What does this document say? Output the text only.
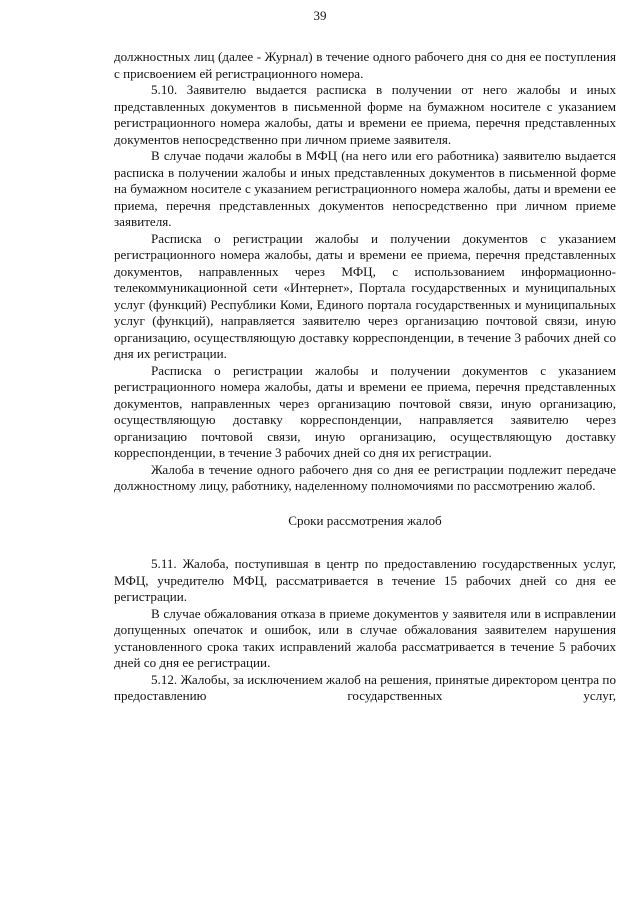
39

должностных лиц (далее - Журнал) в течение одного рабочего дня со дня ее поступления с присвоением ей регистрационного номера.

5.10. Заявителю выдается расписка в получении от него жалобы и иных представленных документов в письменной форме на бумажном носителе с указанием регистрационного номера жалобы, даты и времени ее приема, перечня представленных документов непосредственно при личном приеме заявителя.

В случае подачи жалобы в МФЦ (на него или его работника) заявителю выдается расписка в получении жалобы и иных представленных документов в письменной форме на бумажном носителе с указанием регистрационного номера жалобы, даты и времени ее приема, перечня представленных документов непосредственно при личном приеме заявителя.

Расписка о регистрации жалобы и получении документов с указанием регистрационного номера жалобы, даты и времени ее приема, перечня представленных документов, направленных через МФЦ, с использованием информационно-телекоммуникационной сети «Интернет», Портала государственных и муниципальных услуг (функций) Республики Коми, Единого портала государственных и муниципальных услуг (функций), направляется заявителю через организацию почтовой связи, иную организацию, осуществляющую доставку корреспонденции, в течение 3 рабочих дней со дня их регистрации.

Расписка о регистрации жалобы и получении документов с указанием регистрационного номера жалобы, даты и времени ее приема, перечня представленных документов, направленных через организацию почтовой связи, иную организацию, осуществляющую доставку корреспонденции, направляется заявителю через организацию почтовой связи, иную организацию, осуществляющую доставку корреспонденции, в течение 3 рабочих дней со дня их регистрации.

Жалоба в течение одного рабочего дня со дня ее регистрации подлежит передаче должностному лицу, работнику, наделенному полномочиями по рассмотрению жалоб.

Сроки рассмотрения жалоб

5.11. Жалоба, поступившая в центр по предоставлению государственных услуг, МФЦ, учредителю МФЦ, рассматривается в течение 15 рабочих дней со дня ее регистрации.

В случае обжалования отказа в приеме документов у заявителя или в исправлении допущенных опечаток и ошибок, или в случае обжалования заявителем нарушения установленного срока таких исправлений жалоба рассматривается в течение 5 рабочих дней со дня ее регистрации.

5.12. Жалобы, за исключением жалоб на решения, принятые директором центра по предоставлению государственных услуг,
